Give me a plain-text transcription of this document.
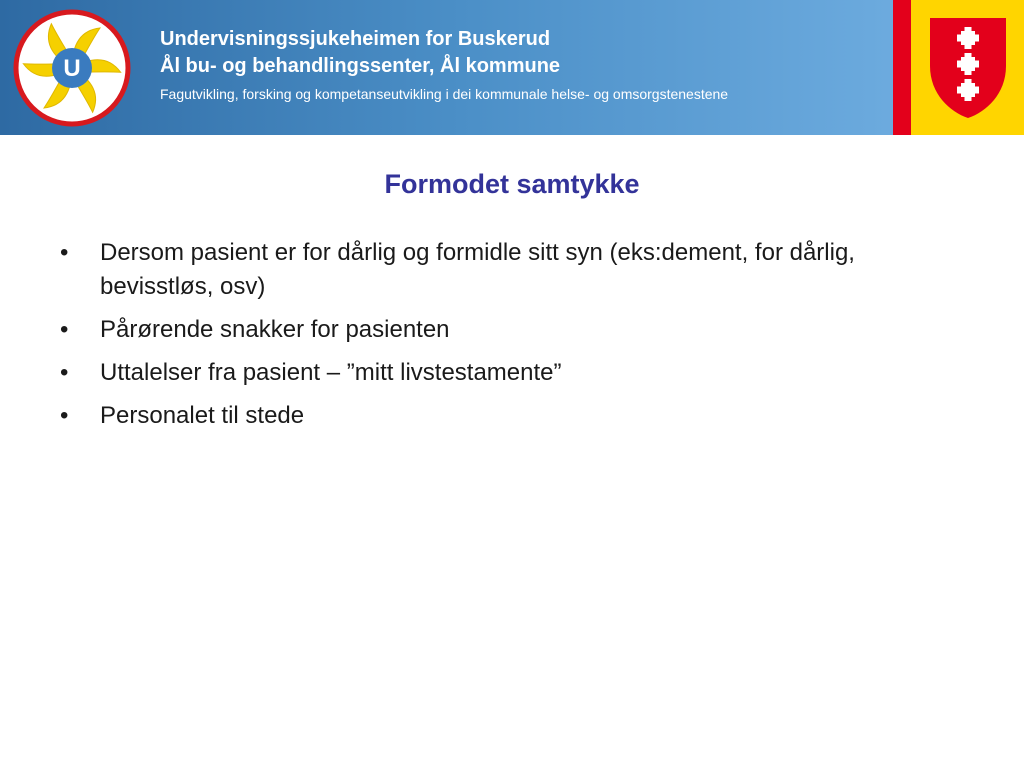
U
Undervisningssjukeheimen for Buskerud
Ål bu- og behandlingssenter, Ål kommune
Fagutvikling, forsking og kompetanseutvikling i dei kommunale helse- og omsorgstenestene
Formodet samtykke
•	Dersom pasient er for dårlig og formidle sitt syn (eks:dement, for dårlig, bevisstløs, osv)
•	Pårørende snakker for pasienten
•	Uttalelser fra pasient – ”mitt livstestamente”
•	Personalet til stede
